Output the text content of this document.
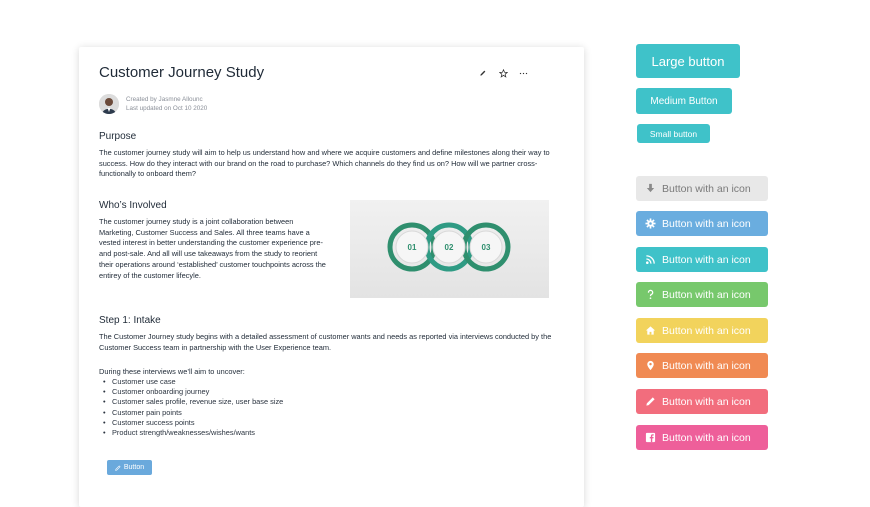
Customer Journey Study
Created by Jasmne Allounc
Last updated on Oct 10 2020
Purpose
The customer journey study will aim to help us understand how and where we acquire customers and define milestones along their way to success. How do they interact with our brand on the road to purchase? Which channels do they find us on? How will we partner cross-functionally to onboard them?
Who’s Involved
The customer journey study is a joint collaboration between Marketing, Customer Success and Sales. All three teams have a vested interest in better understanding the customer experience pre- and post-sale. And all will use takeaways from the study to reorient their operations around ‘established’ customer touchpoints across the entirey of the customer lifecyle.
01	02	03
Step 1: Intake
The Customer Journey study begins with a detailed assessment of customer wants and needs as reported via interviews conducted by the Customer Success team in partnership with the User Experience team.
During these interviews we’ll aim to uncover:
• Customer use case
• Customer onboarding journey
• Customer sales profile, revenue size, user base size
• Customer pain points
• Customer success points
• Product strength/weaknesses/wishes/wants
Button
Large button
Medium Button
Small button
Button with an icon
Button with an icon
Button with an icon
Button with an icon
Button with an icon
Button with an icon
Button with an icon
Button with an icon
